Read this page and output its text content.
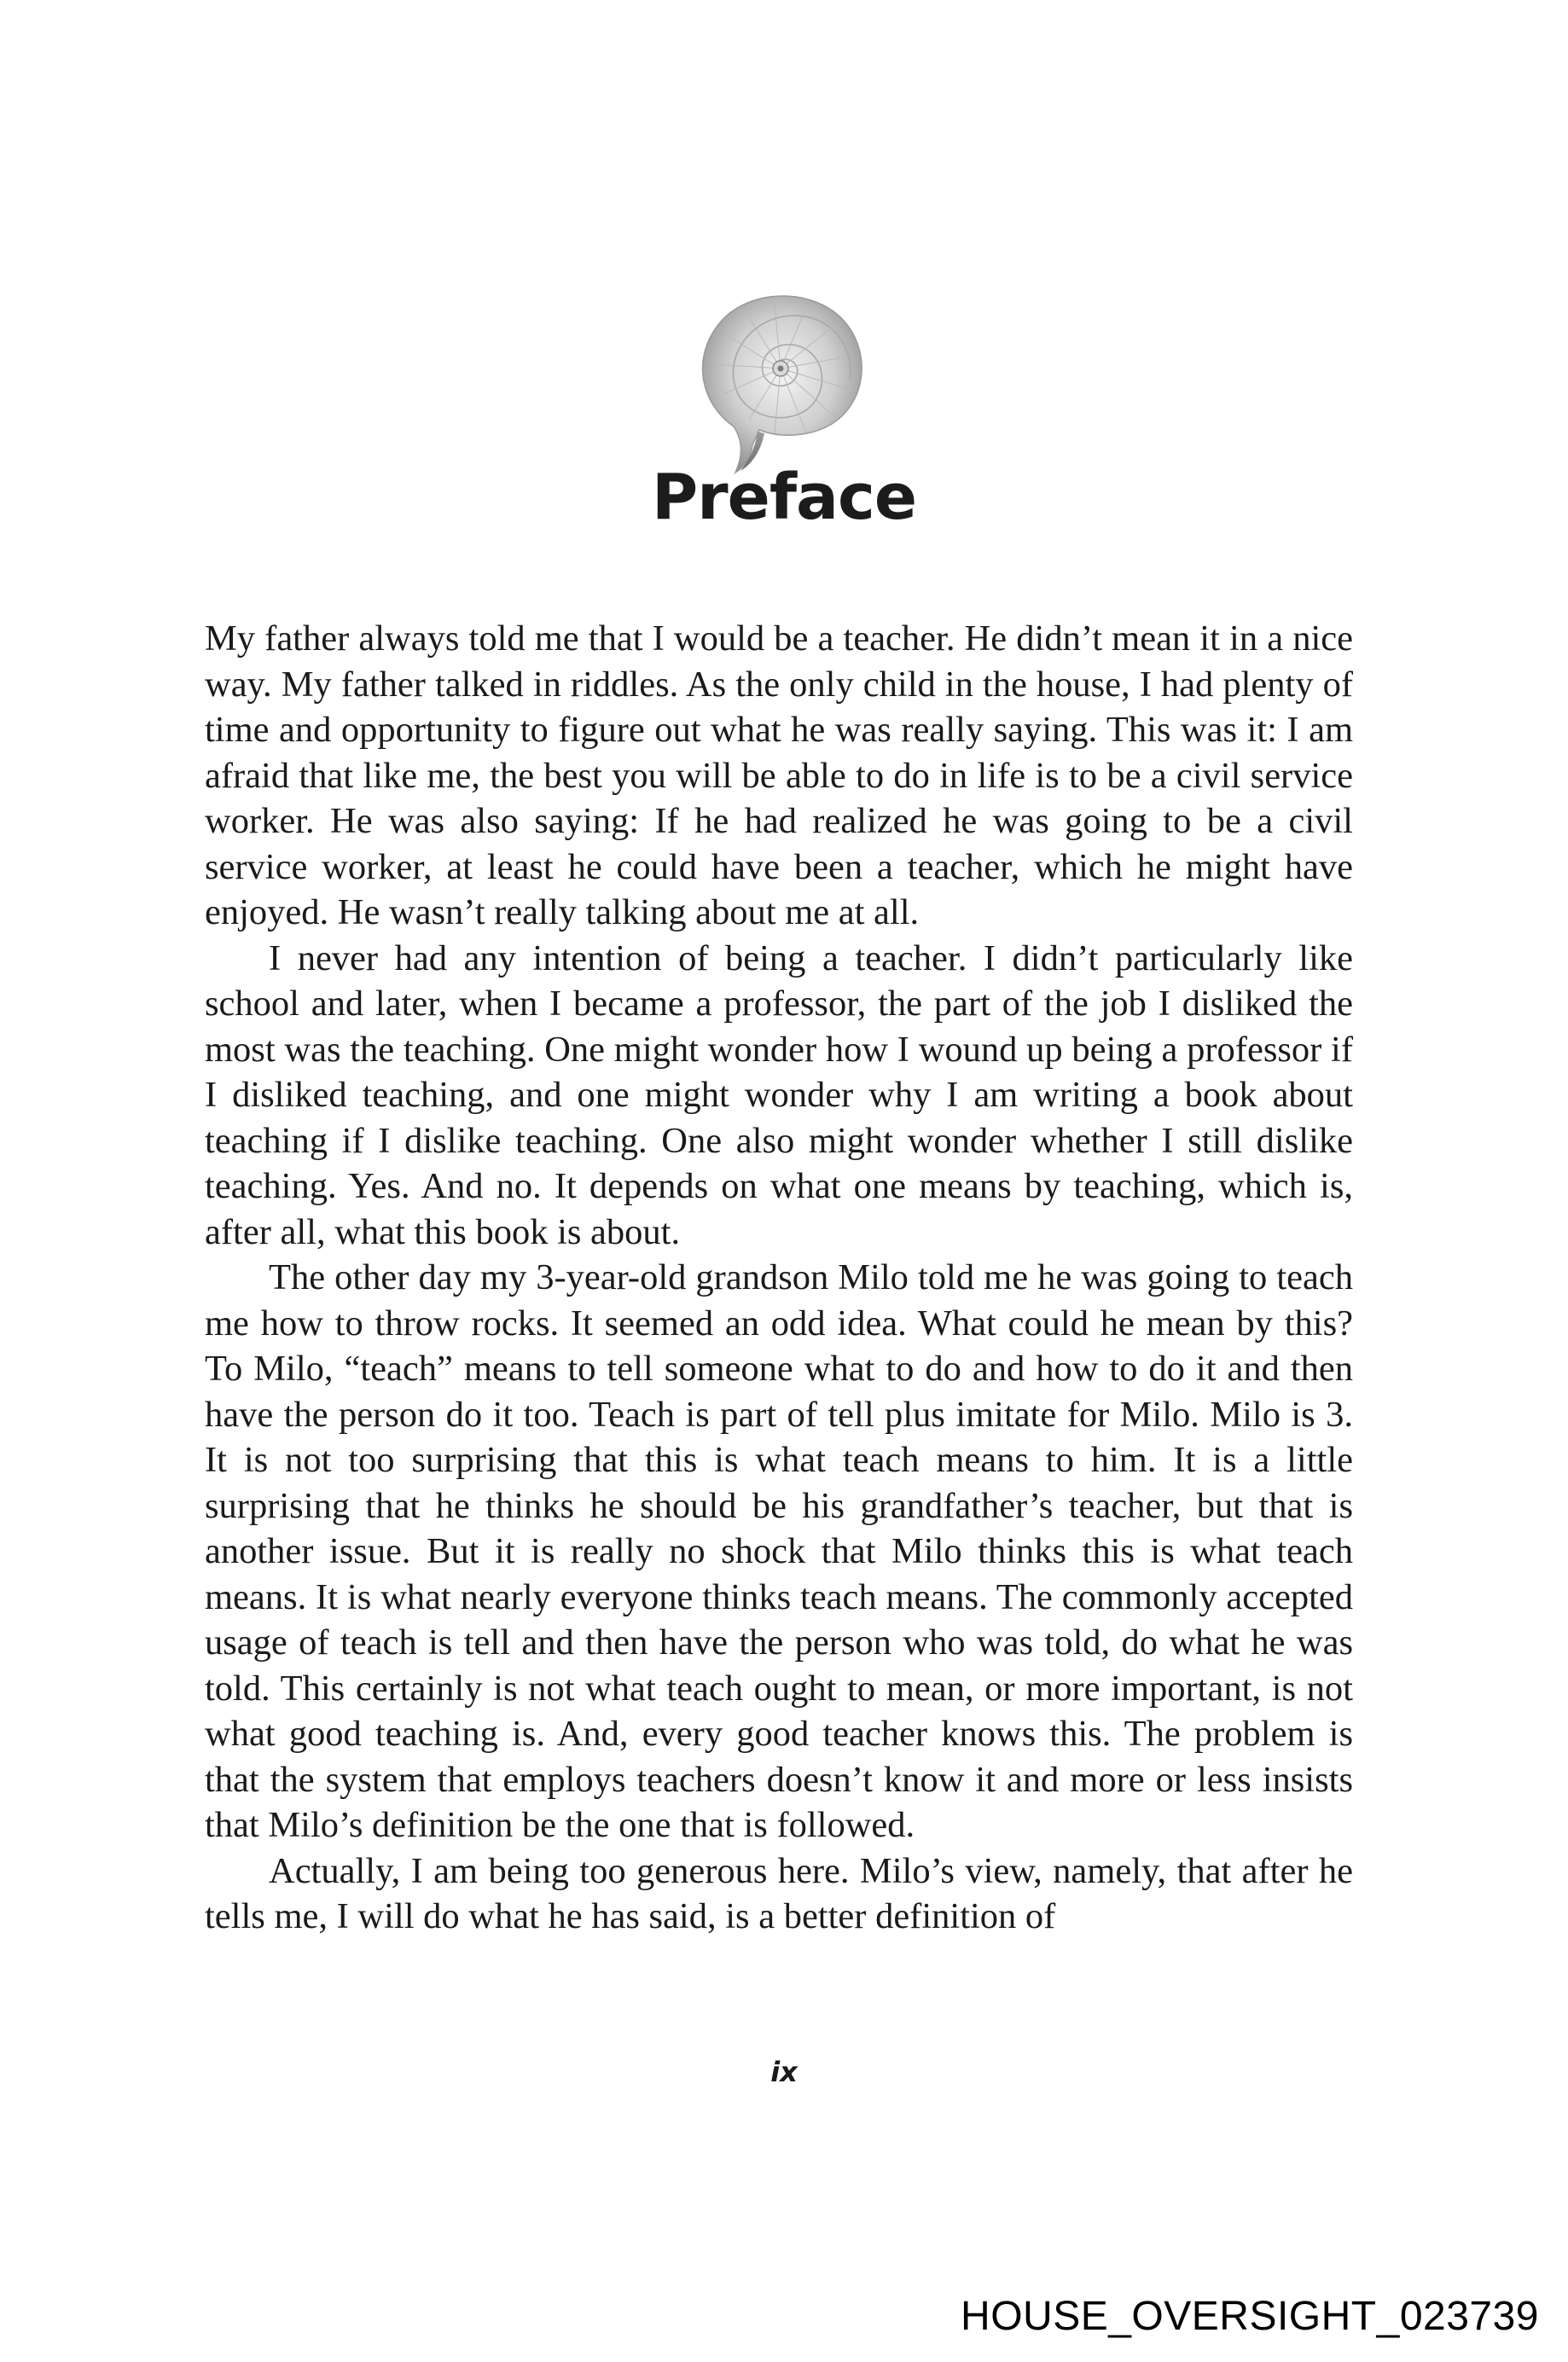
Preface

My father always told me that I would be a teacher. He didn’t mean it in a nice way. My father talked in riddles. As the only child in the house, I had plenty of time and opportunity to figure out what he was really saying. This was it: I am afraid that like me, the best you will be able to do in life is to be a civil service worker. He was also saying: If he had realized he was going to be a civil service worker, at least he could have been a teacher, which he might have enjoyed. He wasn’t really talking about me at all.

I never had any intention of being a teacher. I didn’t particularly like school and later, when I became a professor, the part of the job I disliked the most was the teaching. One might wonder how I wound up being a professor if I disliked teaching, and one might wonder why I am writing a book about teaching if I dislike teaching. One also might wonder whether I still dislike teaching. Yes. And no. It depends on what one means by teaching, which is, after all, what this book is about.

The other day my 3-year-old grandson Milo told me he was going to teach me how to throw rocks. It seemed an odd idea. What could he mean by this? To Milo, “teach” means to tell someone what to do and how to do it and then have the person do it too. Teach is part of tell plus imitate for Milo. Milo is 3. It is not too surprising that this is what teach means to him. It is a little surprising that he thinks he should be his grandfather’s teacher, but that is another issue. But it is really no shock that Milo thinks this is what teach means. It is what nearly everyone thinks teach means. The commonly accepted usage of teach is tell and then have the person who was told, do what he was told. This certainly is not what teach ought to mean, or more important, is not what good teaching is. And, every good teacher knows this. The problem is that the system that employs teachers doesn’t know it and more or less insists that Milo’s definition be the one that is followed.

Actually, I am being too generous here. Milo’s view, namely, that after he tells me, I will do what he has said, is a better definition of

ix
HOUSE_OVERSIGHT_023739
